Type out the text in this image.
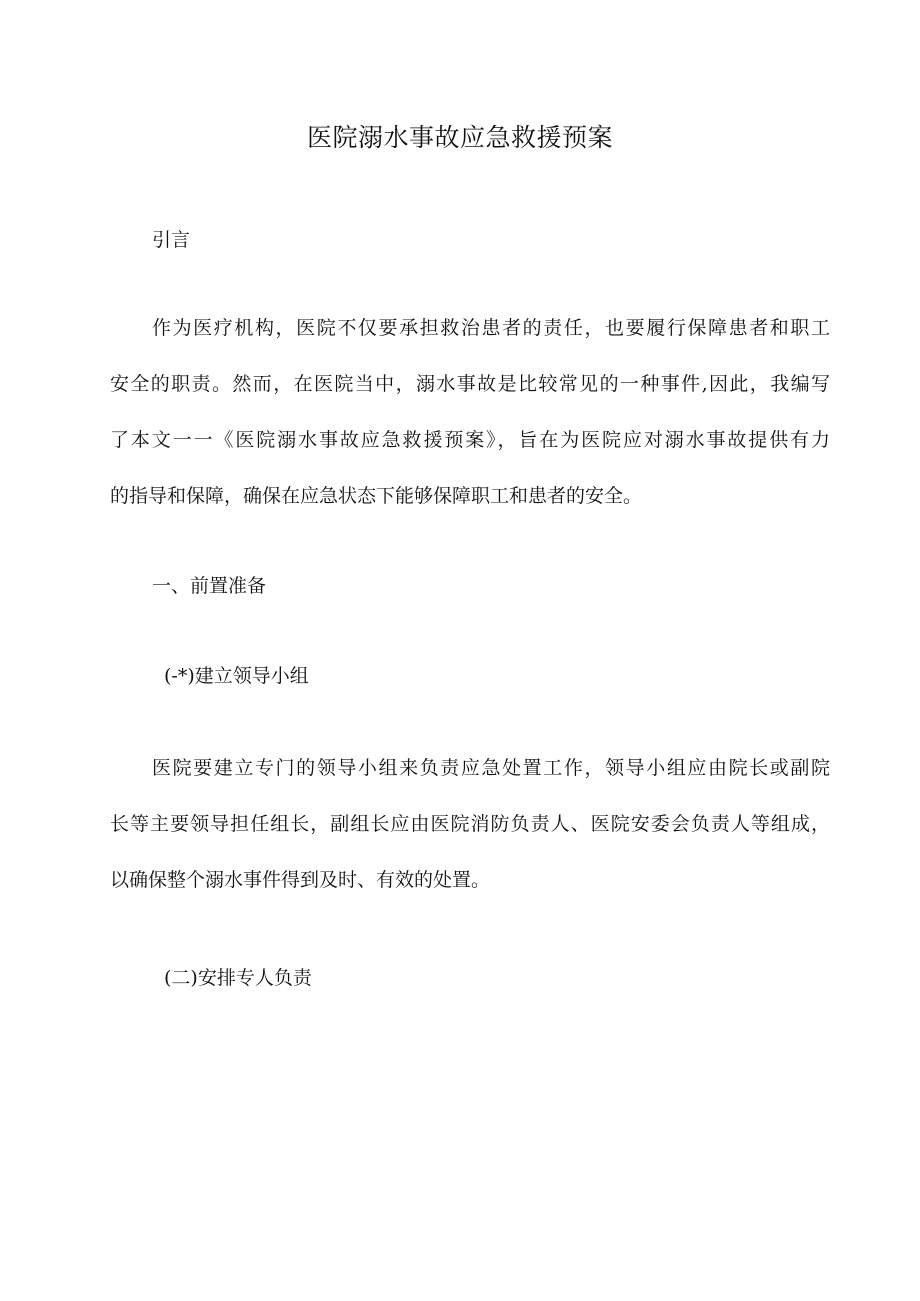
医院溺水事故应急救援预案
引言

作为医疗机构，医院不仅要承担救治患者的责任，也要履行保障患者和职工
安全的职责。然而，在医院当中，溺水事故是比较常见的一种事件,因此，我编写
了本文一一《医院溺水事故应急救援预案》，旨在为医院应对溺水事故提供有力
的指导和保障，确保在应急状态下能够保障职工和患者的安全。

一、前置准备
(-*)建立领导小组

医院要建立专门的领导小组来负责应急处置工作，领导小组应由院长或副院
长等主要领导担任组长，副组长应由医院消防负责人、医院安委会负责人等组成，
以确保整个溺水事件得到及时、有效的处置。

(二)安排专人负责
